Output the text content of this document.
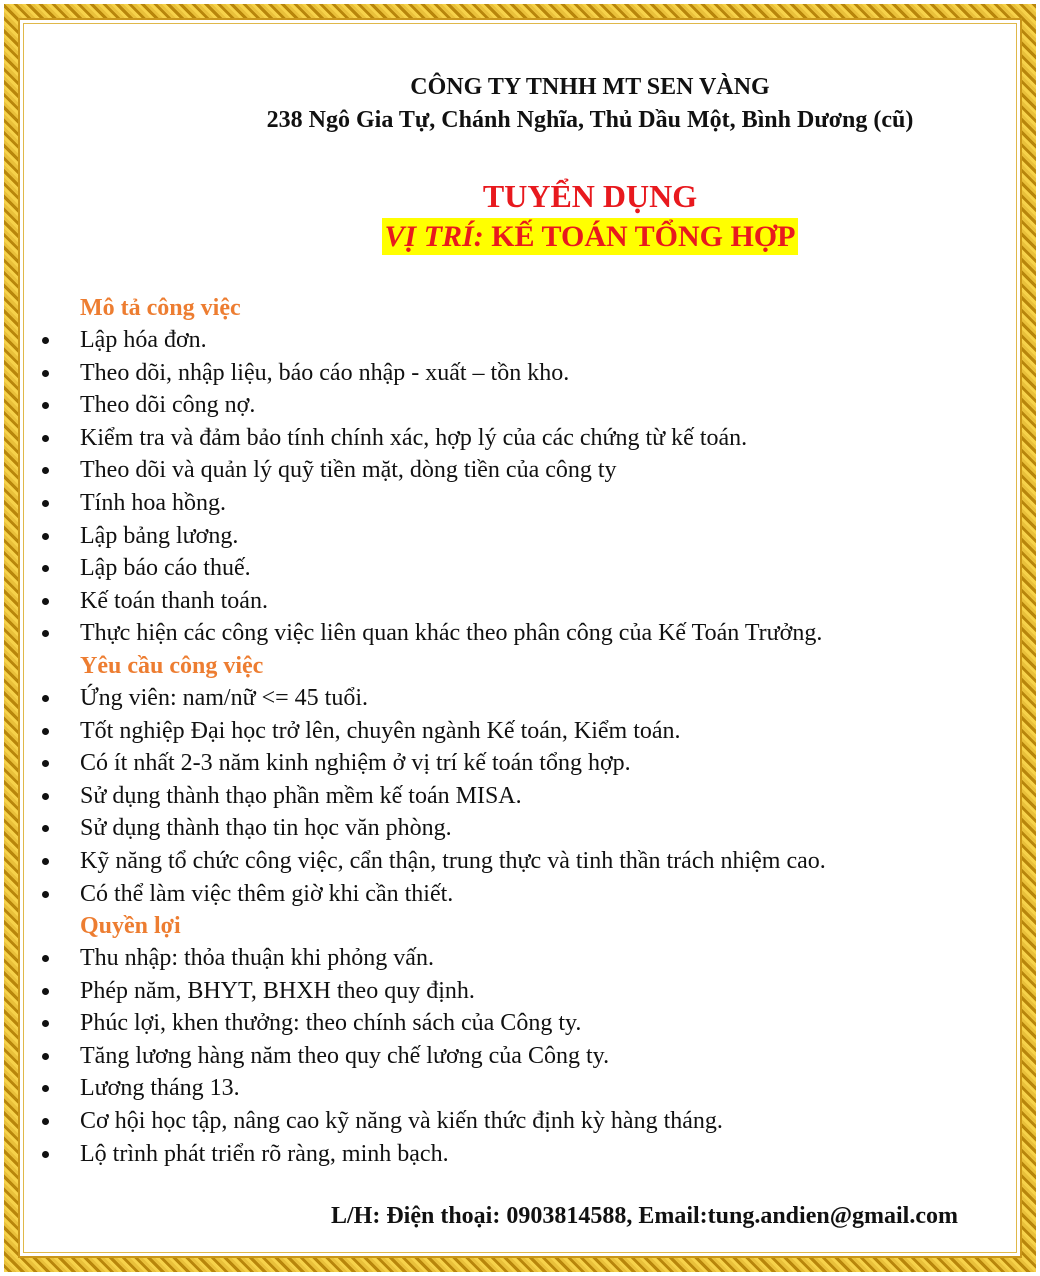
CÔNG TY TNHH MT SEN VÀNG
238 Ngô Gia Tự, Chánh Nghĩa, Thủ Dầu Một, Bình Dương (cũ)
TUYỂN DỤNG
VỊ TRÍ: KẾ TOÁN TỔNG HỢP
Mô tả công việc
Lập hóa đơn.
Theo dõi, nhập liệu, báo cáo nhập - xuất – tồn kho.
Theo dõi công nợ.
Kiểm tra và đảm bảo tính chính xác, hợp lý của các chứng từ kế toán.
Theo dõi và quản lý quỹ tiền mặt, dòng tiền của công ty
Tính hoa hồng.
Lập bảng lương.
Lập báo cáo thuế.
Kế toán thanh toán.
Thực hiện các công việc liên quan khác theo phân công của Kế Toán Trưởng.
Yêu cầu công việc
Ứng viên: nam/nữ <= 45 tuổi.
Tốt nghiệp Đại học trở lên, chuyên ngành Kế toán, Kiểm toán.
Có ít nhất 2-3 năm kinh nghiệm ở vị trí kế toán tổng hợp.
Sử dụng thành thạo phần mềm kế toán MISA.
Sử dụng thành thạo tin học văn phòng.
Kỹ năng tổ chức công việc, cẩn thận, trung thực và tinh thần trách nhiệm cao.
Có thể làm việc thêm giờ khi cần thiết.
Quyền lợi
Thu nhập: thỏa thuận khi phỏng vấn.
Phép năm, BHYT, BHXH theo quy định.
Phúc lợi, khen thưởng: theo chính sách của Công ty.
Tăng lương hàng năm theo quy chế lương của Công ty.
Lương tháng 13.
Cơ hội học tập, nâng cao kỹ năng và kiến thức định kỳ hàng tháng.
Lộ trình phát triển rõ ràng, minh bạch.
L/H: Điện thoại: 0903814588, Email:tung.andien@gmail.com
